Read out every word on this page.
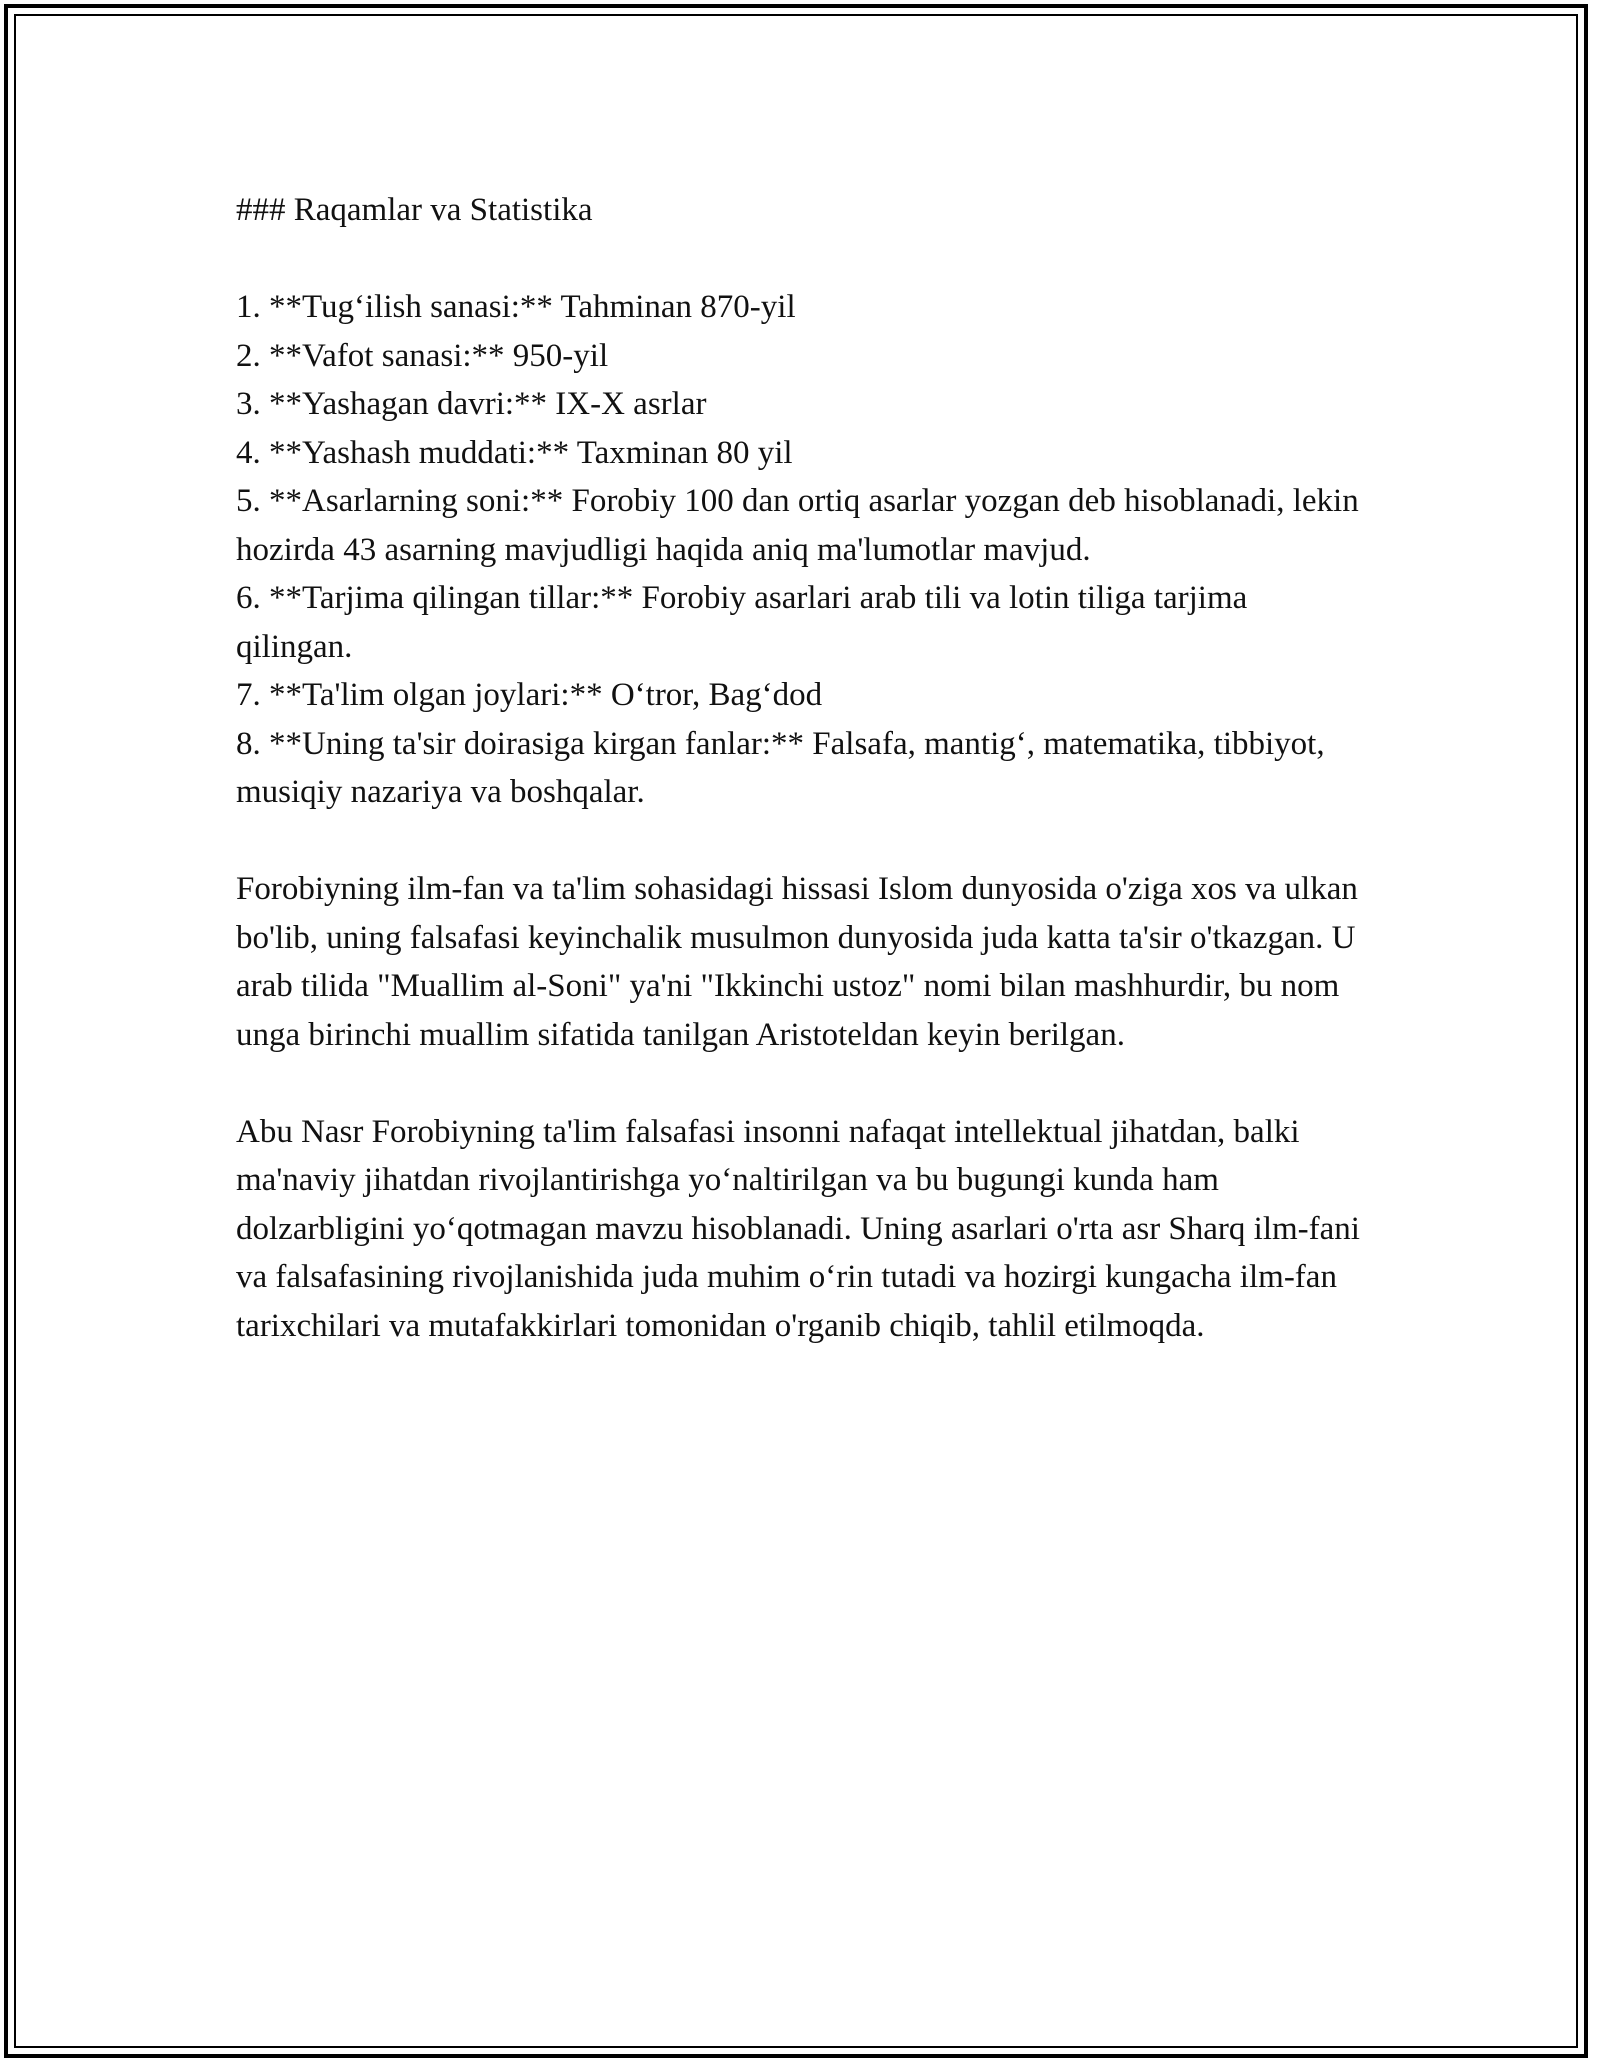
### Raqamlar va Statistika
1. **Tug‘ilish sanasi:** Tahminan 870-yil
2. **Vafot sanasi:** 950-yil
3. **Yashagan davri:** IX-X asrlar
4. **Yashash muddati:** Taxminan 80 yil
5. **Asarlarning soni:** Forobiy 100 dan ortiq asarlar yozgan deb hisoblanadi, lekin hozirda 43 asarning mavjudligi haqida aniq ma'lumotlar mavjud.
6. **Tarjima qilingan tillar:** Forobiy asarlari arab tili va lotin tiliga tarjima qilingan.
7. **Ta'lim olgan joylari:** O‘tror, Bag‘dod
8. **Uning ta'sir doirasiga kirgan fanlar:** Falsafa, mantig‘, matematika, tibbiyot, musiqiy nazariya va boshqalar.

Forobiyning ilm-fan va ta'lim sohasidagi hissasi Islom dunyosida o'ziga xos va ulkan bo'lib, uning falsafasi keyinchalik musulmon dunyosida juda katta ta'sir o'tkazgan. U arab tilida "Muallim al-Soni" ya'ni "Ikkinchi ustoz" nomi bilan mashhurdir, bu nom unga birinchi muallim sifatida tanilgan Aristoteldan keyin berilgan.

Abu Nasr Forobiyning ta'lim falsafasi insonni nafaqat intellektual jihatdan, balki ma'naviy jihatdan rivojlantirishga yo‘naltirilgan va bu bugungi kunda ham dolzarbligini yo‘qotmagan mavzu hisoblanadi. Uning asarlari o'rta asr Sharq ilm-fani va falsafasining rivojlanishida juda muhim o‘rin tutadi va hozirgi kungacha ilm-fan tarixchilari va mutafakkirlari tomonidan o'rganib chiqib, tahlil etilmoqda.
